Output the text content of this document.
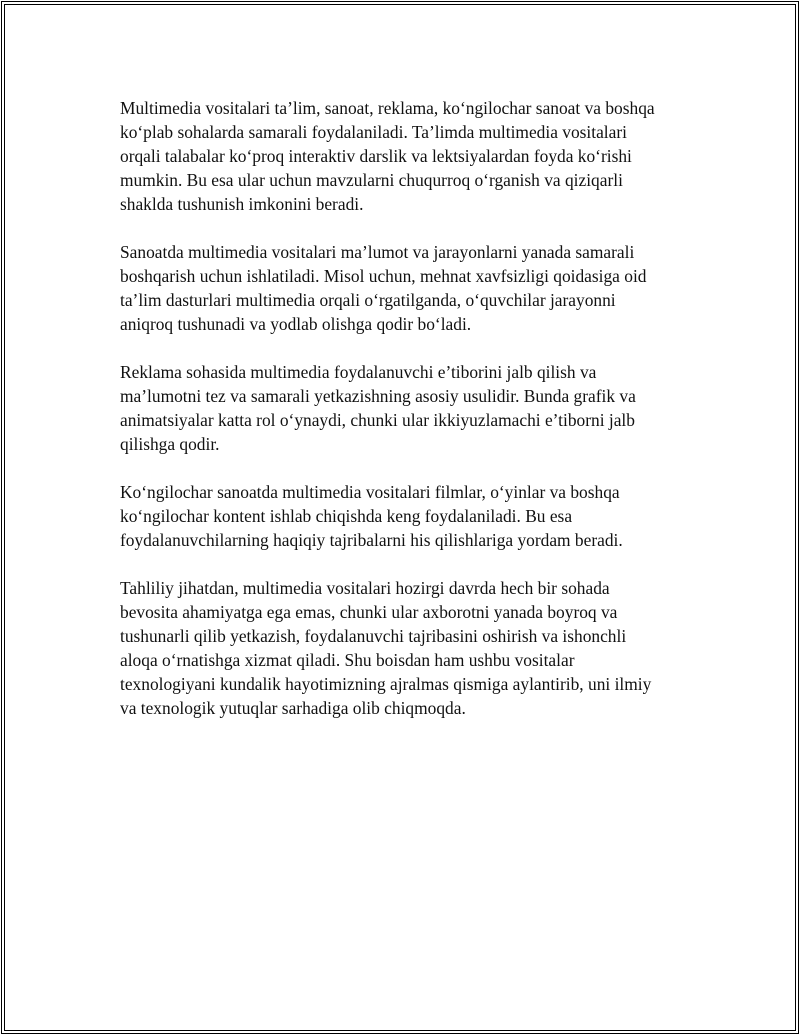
Multimedia vositalari ta’lim, sanoat, reklama, ko‘ngilochar sanoat va boshqa
ko‘plab sohalarda samarali foydalaniladi. Ta’limda multimedia vositalari
orqali talabalar ko‘proq interaktiv darslik va lektsiyalardan foyda ko‘rishi
mumkin. Bu esa ular uchun mavzularni chuqurroq o‘rganish va qiziqarli
shaklda tushunish imkonini beradi.

Sanoatda multimedia vositalari ma’lumot va jarayonlarni yanada samarali
boshqarish uchun ishlatiladi. Misol uchun, mehnat xavfsizligi qoidasiga oid
ta’lim dasturlari multimedia orqali o‘rgatilganda, o‘quvchilar jarayonni
aniqroq tushunadi va yodlab olishga qodir bo‘ladi.

Reklama sohasida multimedia foydalanuvchi e’tiborini jalb qilish va
ma’lumotni tez va samarali yetkazishning asosiy usulidir. Bunda grafik va
animatsiyalar katta rol o‘ynaydi, chunki ular ikkiyuzlamachi e’tiborni jalb
qilishga qodir.

Ko‘ngilochar sanoatda multimedia vositalari filmlar, o‘yinlar va boshqa
ko‘ngilochar kontent ishlab chiqishda keng foydalaniladi. Bu esa
foydalanuvchilarning haqiqiy tajribalarni his qilishlariga yordam beradi.

Tahliliy jihatdan, multimedia vositalari hozirgi davrda hech bir sohada
bevosita ahamiyatga ega emas, chunki ular axborotni yanada boyroq va
tushunarli qilib yetkazish, foydalanuvchi tajribasini oshirish va ishonchli
aloqa o‘rnatishga xizmat qiladi. Shu boisdan ham ushbu vositalar
texnologiyani kundalik hayotimizning ajralmas qismiga aylantirib, uni ilmiy
va texnologik yutuqlar sarhadiga olib chiqmoqda.
